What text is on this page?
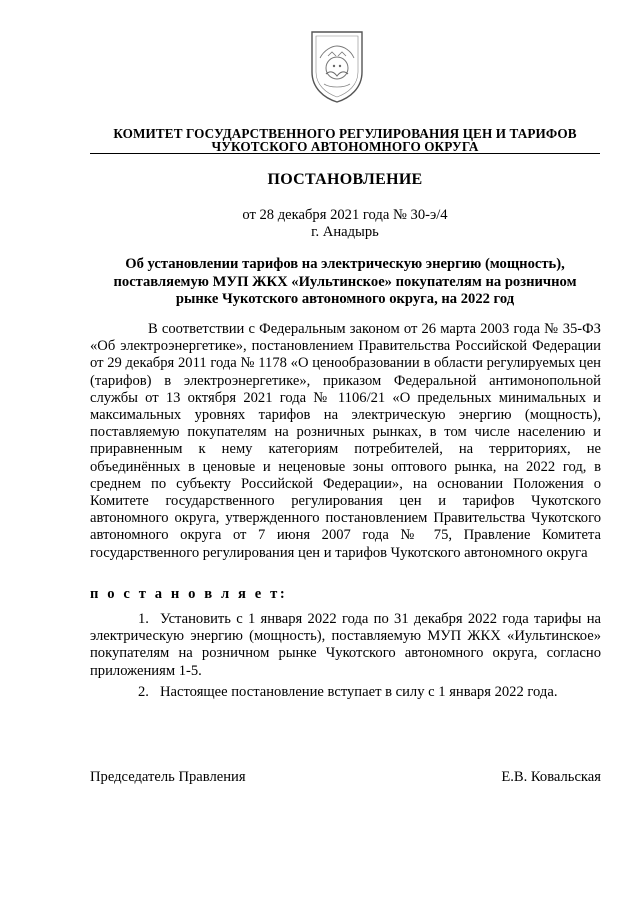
КОМИТЕТ ГОСУДАРСТВЕННОГО РЕГУЛИРОВАНИЯ ЦЕН И ТАРИФОВ
ЧУКОТСКОГО АВТОНОМНОГО ОКРУГА
ПОСТАНОВЛЕНИЕ
от 28 декабря 2021 года № 30-э/4
г. Анадырь
Об установлении тарифов на электрическую энергию (мощность), поставляемую МУП ЖКХ «Иультинское» покупателям на розничном рынке Чукотского автономного округа, на 2022 год

В соответствии с Федеральным законом от 26 марта 2003 года № 35-ФЗ «Об электроэнергетике», постановлением Правительства Российской Федерации от 29 декабря 2011 года № 1178 «О ценообразовании в области регулируемых цен (тарифов) в электроэнергетике», приказом Федеральной антимонопольной службы от 13 октября 2021 года № 1106/21 «О предельных минимальных и максимальных уровнях тарифов на электрическую энергию (мощность), поставляемую покупателям на розничных рынках, в том числе населению и приравненным к нему категориям потребителей, на территориях, не объединённых в ценовые и неценовые зоны оптового рынка, на 2022 год, в среднем по субъекту Российской Федерации», на основании Положения о Комитете государственного регулирования цен и тарифов Чукотского автономного округа, утвержденного постановлением Правительства Чукотского автономного округа от 7 июня 2007 года № 75, Правление Комитета государственного регулирования цен и тарифов Чукотского автономного округа

п о с т а н о в л я е т:

1. Установить с 1 января 2022 года по 31 декабря 2022 года тарифы на электрическую энергию (мощность), поставляемую МУП ЖКХ «Иультинское» покупателям на розничном рынке Чукотского автономного округа, согласно приложениям 1-5.

2. Настоящее постановление вступает в силу с 1 января 2022 года.

Председатель Правления	Е.В. Ковальская
